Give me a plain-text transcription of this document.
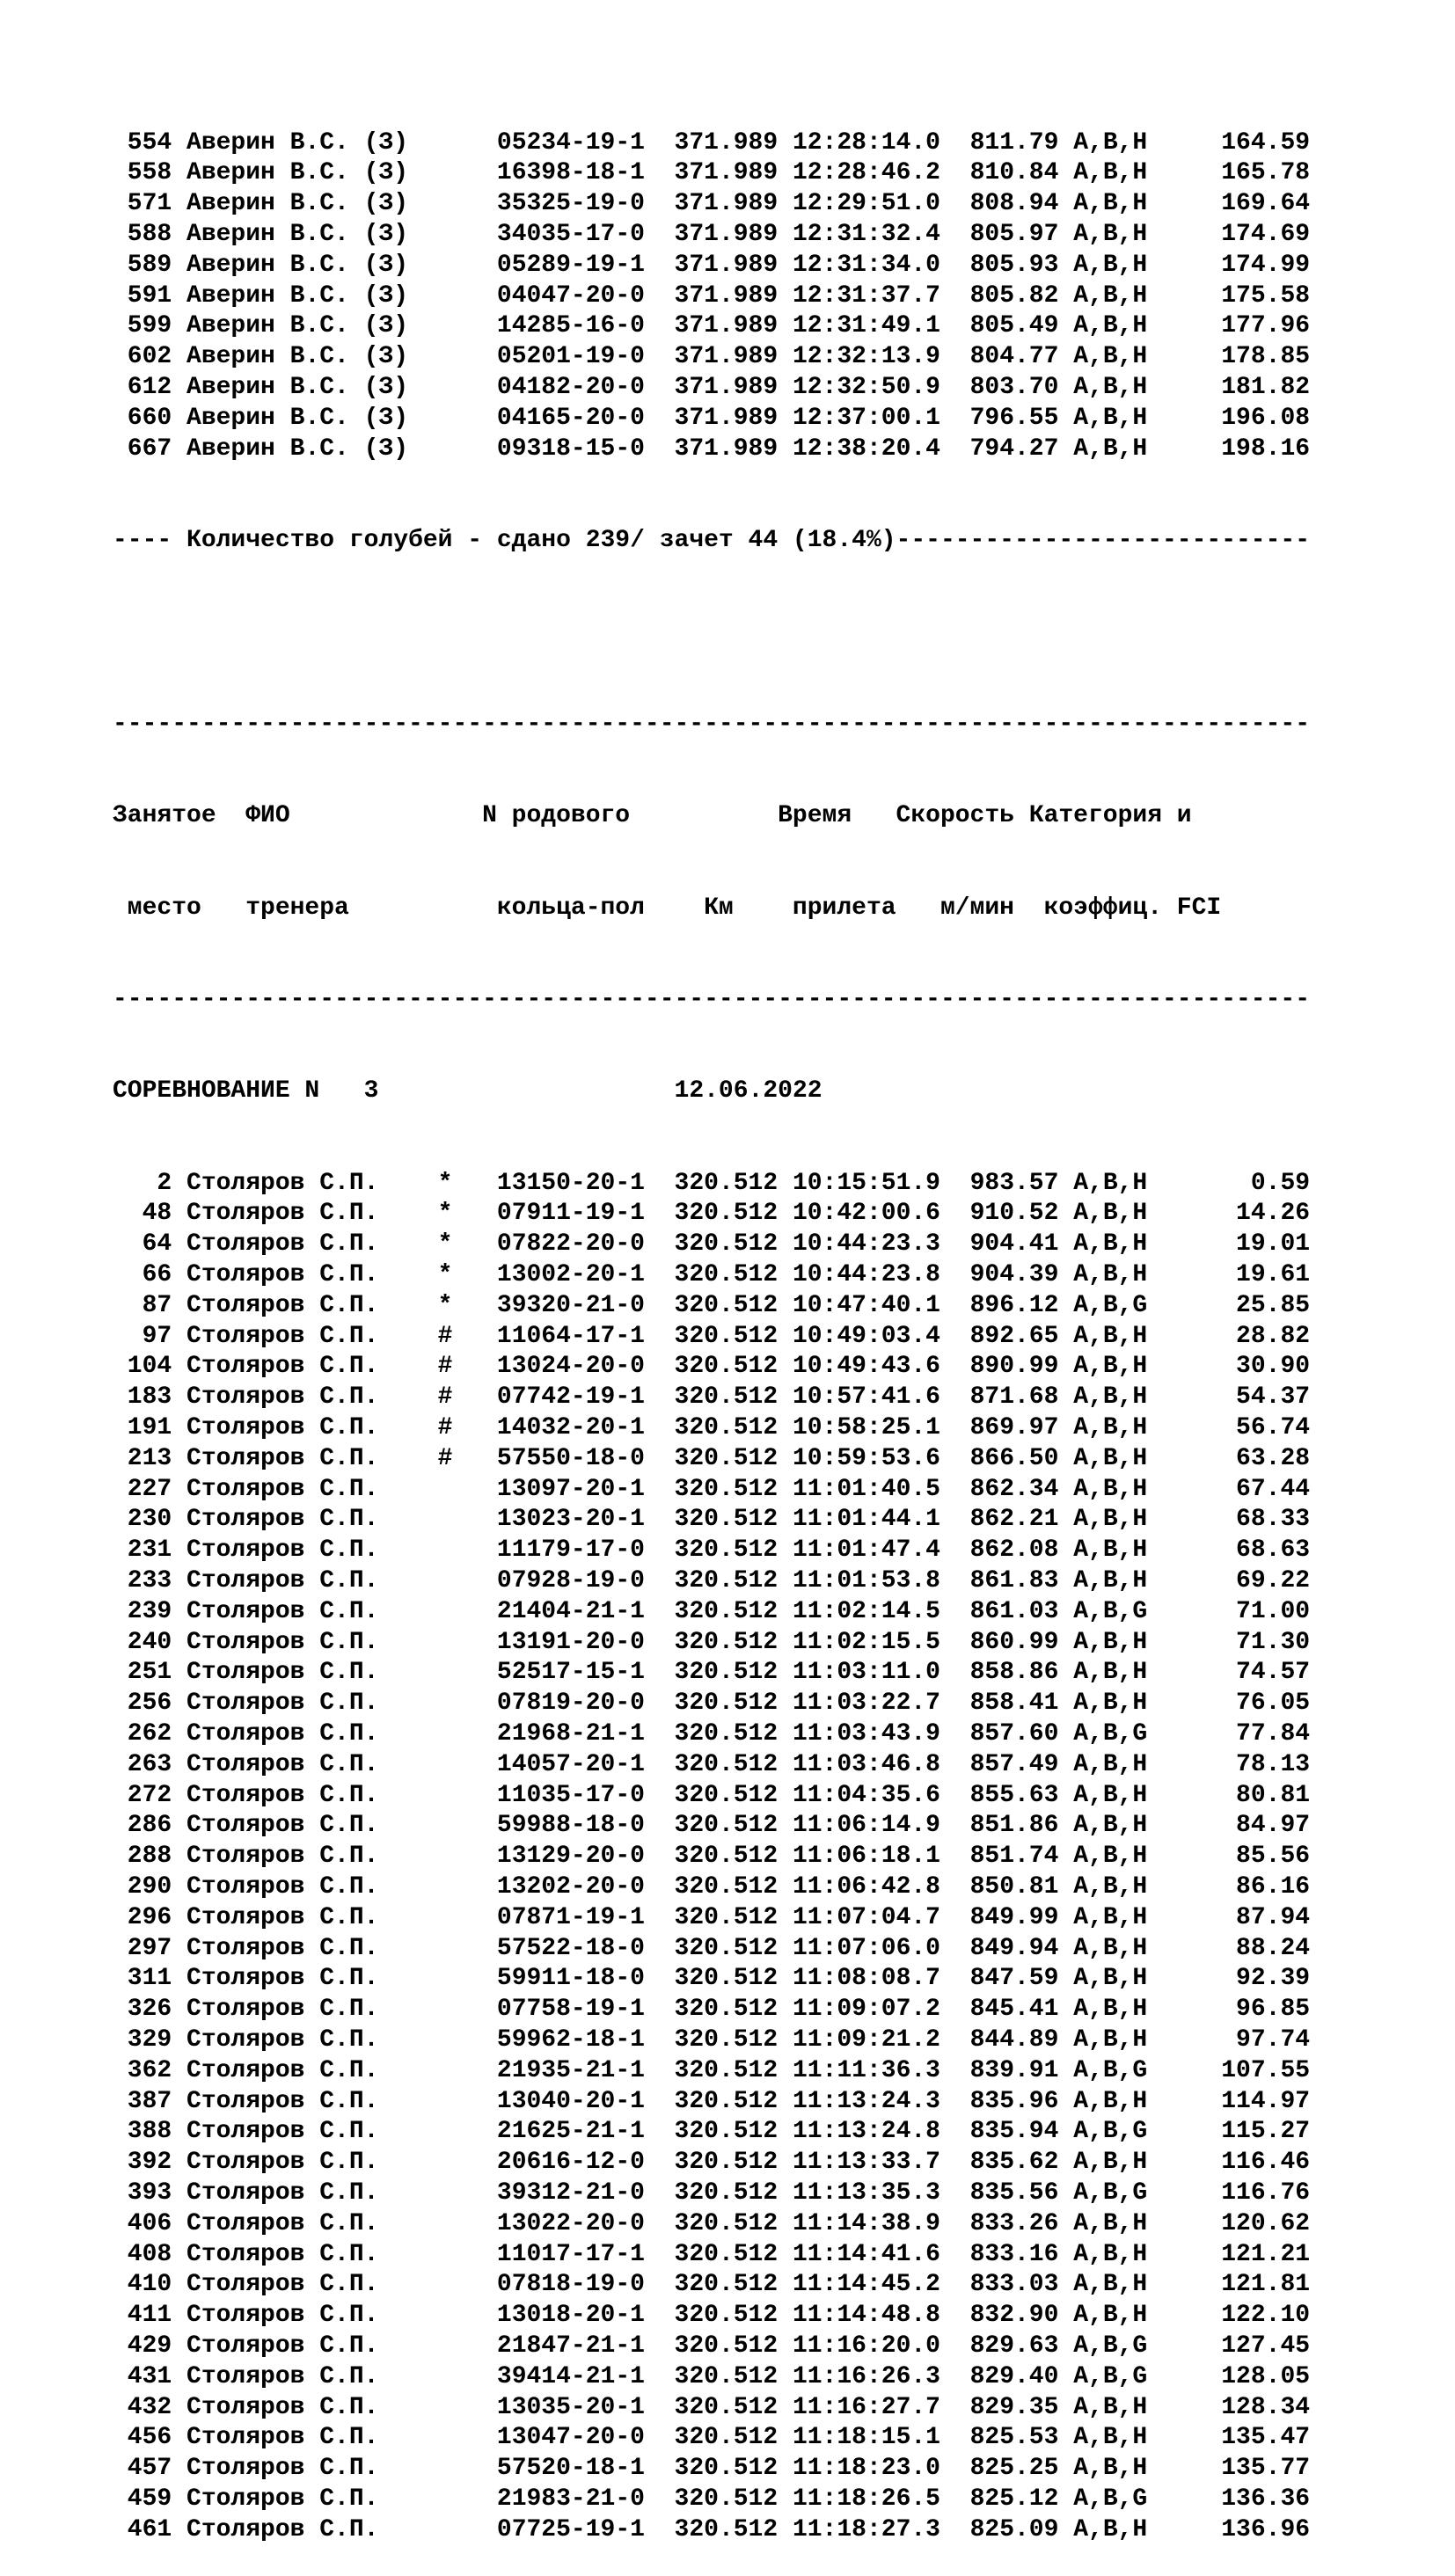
554 Аверин В.С. (З)      05234-19-1  371.989 12:28:14.0  811.79 A,B,H     164.59
558 Аверин В.С. (З)      16398-18-1  371.989 12:28:46.2  810.84 A,B,H     165.78
571 Аверин В.С. (З)      35325-19-0  371.989 12:29:51.0  808.94 A,B,H     169.64
588 Аверин В.С. (З)      34035-17-0  371.989 12:31:32.4  805.97 A,B,H     174.69
589 Аверин В.С. (З)      05289-19-1  371.989 12:31:34.0  805.93 A,B,H     174.99
591 Аверин В.С. (З)      04047-20-0  371.989 12:31:37.7  805.82 A,B,H     175.58
599 Аверин В.С. (З)      14285-16-0  371.989 12:31:49.1  805.49 A,B,H     177.96
602 Аверин В.С. (З)      05201-19-0  371.989 12:32:13.9  804.77 A,B,H     178.85
612 Аверин В.С. (З)      04182-20-0  371.989 12:32:50.9  803.70 A,B,H     181.82
660 Аверин В.С. (З)      04165-20-0  371.989 12:37:00.1  796.55 A,B,H     196.08
667 Аверин В.С. (З)      09318-15-0  371.989 12:38:20.4  794.27 A,B,H     198.16

---- Количество голубей - сдано 239/ зачет 44 (18.4%)----------------------------

---------------------------------------------------------------------------------

Занятое  ФИО             N родового          Время   Скорость Категория и

место   тренера          кольца-пол    Км    прилета   м/мин  коэффиц. FCI

---------------------------------------------------------------------------------

СОРЕВНОВАНИЕ N   3	12.06.2022

2 Столяров С.П.    *   13150-20-1  320.512 10:15:51.9  983.57 A,B,H       0.59
48 Столяров С.П.    *   07911-19-1  320.512 10:42:00.6  910.52 A,B,H      14.26
64 Столяров С.П.    *   07822-20-0  320.512 10:44:23.3  904.41 A,B,H      19.01
66 Столяров С.П.    *   13002-20-1  320.512 10:44:23.8  904.39 A,B,H      19.61
87 Столяров С.П.    *   39320-21-0  320.512 10:47:40.1  896.12 A,B,G      25.85
97 Столяров С.П.    #   11064-17-1  320.512 10:49:03.4  892.65 A,B,H      28.82
104 Столяров С.П.    #   13024-20-0  320.512 10:49:43.6  890.99 A,B,H      30.90
183 Столяров С.П.    #   07742-19-1  320.512 10:57:41.6  871.68 A,B,H      54.37
191 Столяров С.П.    #   14032-20-1  320.512 10:58:25.1  869.97 A,B,H      56.74
213 Столяров С.П.    #   57550-18-0  320.512 10:59:53.6  866.50 A,B,H      63.28
227 Столяров С.П.        13097-20-1  320.512 11:01:40.5  862.34 A,B,H      67.44
230 Столяров С.П.        13023-20-1  320.512 11:01:44.1  862.21 A,B,H      68.33
231 Столяров С.П.        11179-17-0  320.512 11:01:47.4  862.08 A,B,H      68.63
233 Столяров С.П.        07928-19-0  320.512 11:01:53.8  861.83 A,B,H      69.22
239 Столяров С.П.        21404-21-1  320.512 11:02:14.5  861.03 A,B,G      71.00
240 Столяров С.П.        13191-20-0  320.512 11:02:15.5  860.99 A,B,H      71.30
251 Столяров С.П.        52517-15-1  320.512 11:03:11.0  858.86 A,B,H      74.57
256 Столяров С.П.        07819-20-0  320.512 11:03:22.7  858.41 A,B,H      76.05
262 Столяров С.П.        21968-21-1  320.512 11:03:43.9  857.60 A,B,G      77.84
263 Столяров С.П.        14057-20-1  320.512 11:03:46.8  857.49 A,B,H      78.13
272 Столяров С.П.        11035-17-0  320.512 11:04:35.6  855.63 A,B,H      80.81
286 Столяров С.П.        59988-18-0  320.512 11:06:14.9  851.86 A,B,H      84.97
288 Столяров С.П.        13129-20-0  320.512 11:06:18.1  851.74 A,B,H      85.56
290 Столяров С.П.        13202-20-0  320.512 11:06:42.8  850.81 A,B,H      86.16
296 Столяров С.П.        07871-19-1  320.512 11:07:04.7  849.99 A,B,H      87.94
297 Столяров С.П.        57522-18-0  320.512 11:07:06.0  849.94 A,B,H      88.24
311 Столяров С.П.        59911-18-0  320.512 11:08:08.7  847.59 A,B,H      92.39
326 Столяров С.П.        07758-19-1  320.512 11:09:07.2  845.41 A,B,H      96.85
329 Столяров С.П.        59962-18-1  320.512 11:09:21.2  844.89 A,B,H      97.74
362 Столяров С.П.        21935-21-1  320.512 11:11:36.3  839.91 A,B,G     107.55
387 Столяров С.П.        13040-20-1  320.512 11:13:24.3  835.96 A,B,H     114.97
388 Столяров С.П.        21625-21-1  320.512 11:13:24.8  835.94 A,B,G     115.27
392 Столяров С.П.        20616-12-0  320.512 11:13:33.7  835.62 A,B,H     116.46
393 Столяров С.П.        39312-21-0  320.512 11:13:35.3  835.56 A,B,G     116.76
406 Столяров С.П.        13022-20-0  320.512 11:14:38.9  833.26 A,B,H     120.62
408 Столяров С.П.        11017-17-1  320.512 11:14:41.6  833.16 A,B,H     121.21
410 Столяров С.П.        07818-19-0  320.512 11:14:45.2  833.03 A,B,H     121.81
411 Столяров С.П.        13018-20-1  320.512 11:14:48.8  832.90 A,B,H     122.10
429 Столяров С.П.        21847-21-1  320.512 11:16:20.0  829.63 A,B,G     127.45
431 Столяров С.П.        39414-21-1  320.512 11:16:26.3  829.40 A,B,G     128.05
432 Столяров С.П.        13035-20-1  320.512 11:16:27.7  829.35 A,B,H     128.34
456 Столяров С.П.        13047-20-0  320.512 11:18:15.1  825.53 A,B,H     135.47
457 Столяров С.П.        57520-18-1  320.512 11:18:23.0  825.25 A,B,H     135.77
459 Столяров С.П.        21983-21-0  320.512 11:18:26.5  825.12 A,B,G     136.36
461 Столяров С.П.        07725-19-1  320.512 11:18:27.3  825.09 A,B,H     136.96
